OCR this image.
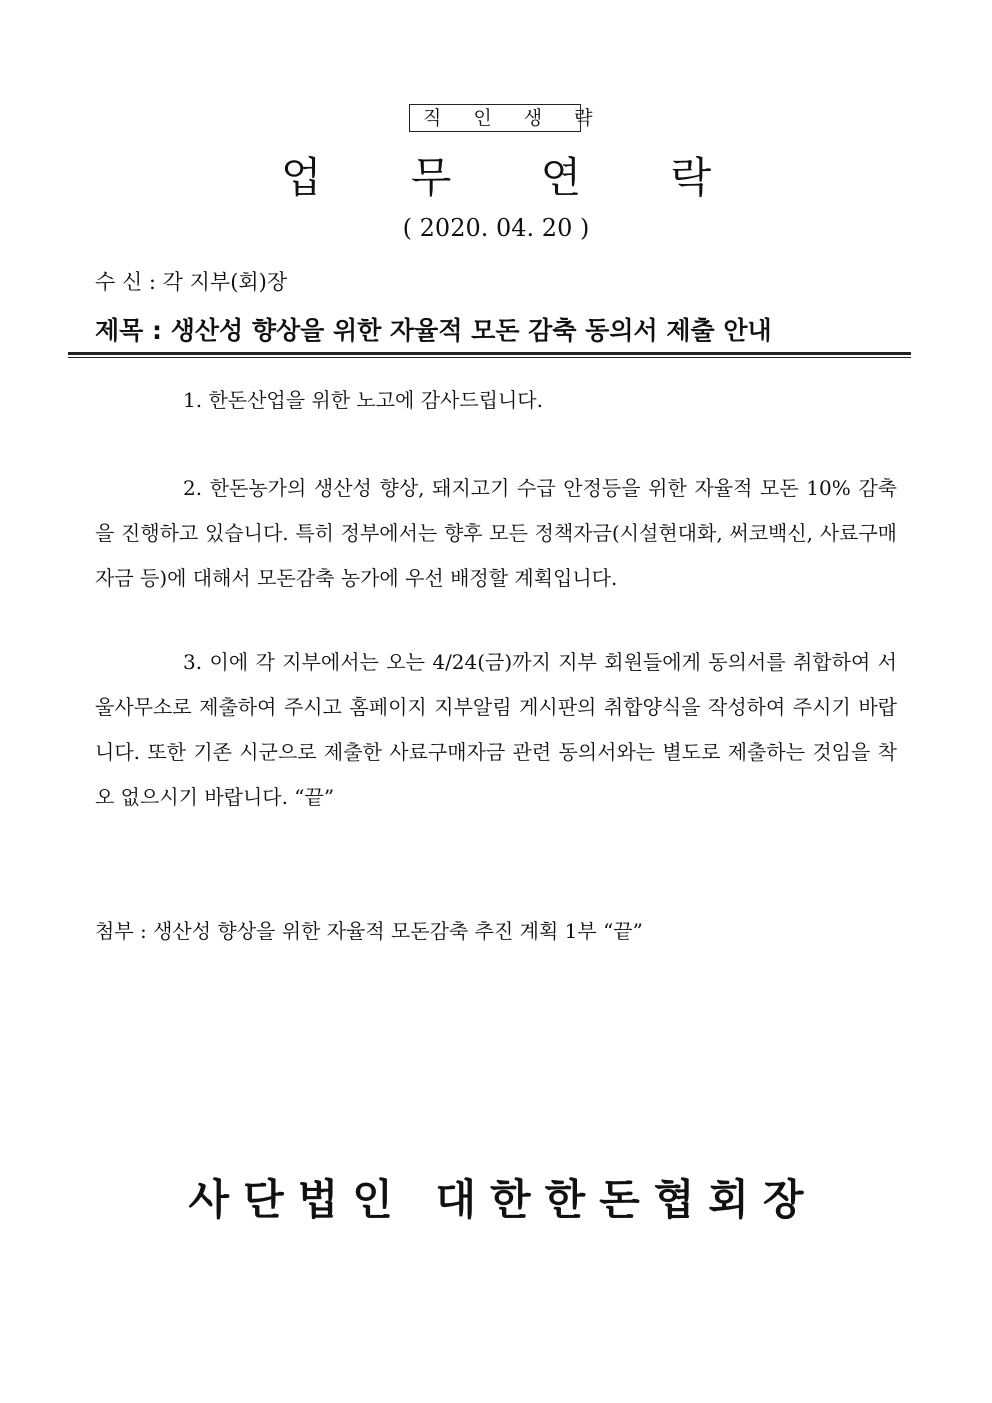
직 인 생 략
업 무 연 락
( 2020. 04. 20 )
수 신 : 각 지부(회)장
제목 : 생산성 향상을 위한 자율적 모돈 감축 동의서 제출 안내
1. 한돈산업을 위한 노고에 감사드립니다.
2. 한돈농가의 생산성 향상, 돼지고기 수급 안정등을 위한 자율적 모돈 10% 감축을 진행하고 있습니다. 특히 정부에서는 향후 모든 정책자금(시설현대화, 써코백신, 사료구매자금 등)에 대해서 모돈감축 농가에 우선 배정할 계획입니다.
3. 이에 각 지부에서는 오는 4/24(금)까지 지부 회원들에게 동의서를 취합하여 서울사무소로 제출하여 주시고 홈페이지 지부알림 게시판의 취합양식을 작성하여 주시기 바랍니다. 또한 기존 시군으로 제출한 사료구매자금 관련 동의서와는 별도로 제출하는 것임을 착오 없으시기 바랍니다. “끝”
첨부 : 생산성 향상을 위한 자율적 모돈감축 추진 계획 1부 “끝”
사단법인 대한한돈협회장
